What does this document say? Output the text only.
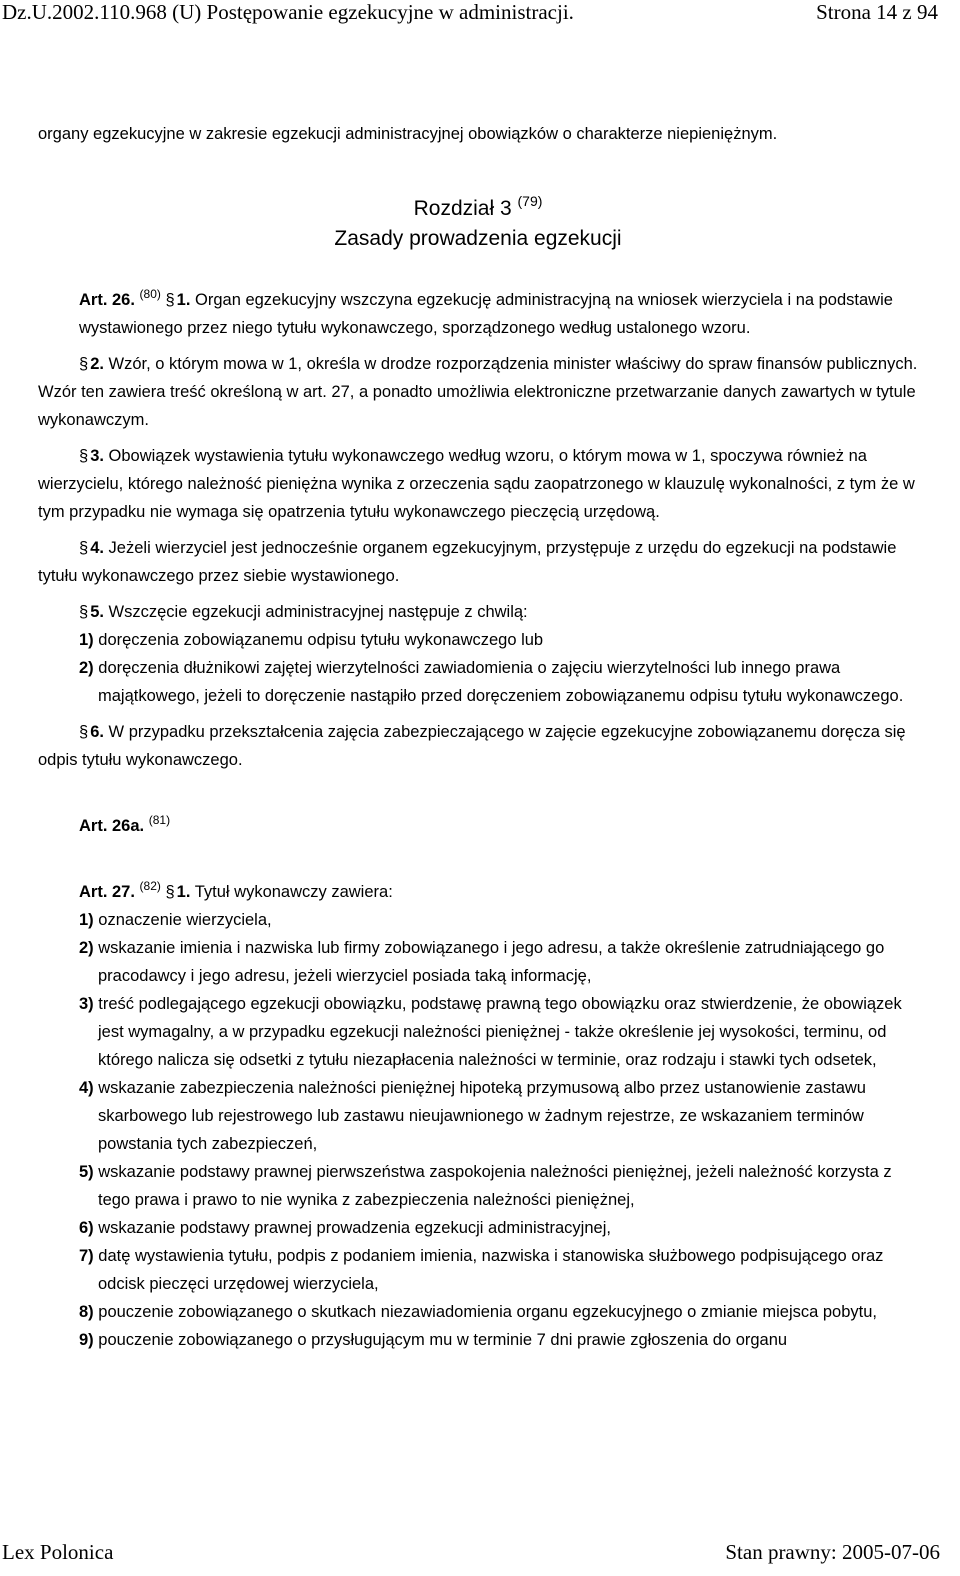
Dz.U.2002.110.968 (U) Postępowanie egzekucyjne w administracji.	Strona 14 z 94

organy egzekucyjne w zakresie egzekucji administracyjnej obowiązków o charakterze niepieniężnym.

Rozdział 3 $^{(79)}$
Zasady prowadzenia egzekucji

Art. 26. $^{(80)}$ § 1. Organ egzekucyjny wszczyna egzekucję administracyjną na wniosek wierzyciela i na podstawie wystawionego przez niego tytułu wykonawczego, sporządzonego według ustalonego wzoru.

§ 2. Wzór, o którym mowa w 1, określa w drodze rozporządzenia minister właściwy do spraw finansów publicznych. Wzór ten zawiera treść określoną w art. 27, a ponadto umożliwia elektroniczne przetwarzanie danych zawartych w tytule wykonawczym.

§ 3. Obowiązek wystawienia tytułu wykonawczego według wzoru, o którym mowa w 1, spoczywa również na wierzycielu, którego należność pieniężna wynika z orzeczenia sądu zaopatrzonego w klauzulę wykonalności, z tym że w tym przypadku nie wymaga się opatrzenia tytułu wykonawczego pieczęcią urzędową.

§ 4. Jeżeli wierzyciel jest jednocześnie organem egzekucyjnym, przystępuje z urzędu do egzekucji na podstawie tytułu wykonawczego przez siebie wystawionego.

§ 5. Wszczęcie egzekucji administracyjnej następuje z chwilą:

1) doręczenia zobowiązanemu odpisu tytułu wykonawczego lub

2) doręczenia dłużnikowi zajętej wierzytelności zawiadomienia o zajęciu wierzytelności lub innego prawa majątkowego, jeżeli to doręczenie nastąpiło przed doręczeniem zobowiązanemu odpisu tytułu wykonawczego.

§ 6. W przypadku przekształcenia zajęcia zabezpieczającego w zajęcie egzekucyjne zobowiązanemu doręcza się odpis tytułu wykonawczego.

Art. 26a. $^{(81)}$

Art. 27. $^{(82)}$ § 1. Tytuł wykonawczy zawiera:

1) oznaczenie wierzyciela,

2) wskazanie imienia i nazwiska lub firmy zobowiązanego i jego adresu, a także określenie zatrudniającego go pracodawcy i jego adresu, jeżeli wierzyciel posiada taką informację,

3) treść podlegającego egzekucji obowiązku, podstawę prawną tego obowiązku oraz stwierdzenie, że obowiązek jest wymagalny, a w przypadku egzekucji należności pieniężnej - także określenie jej wysokości, terminu, od którego nalicza się odsetki z tytułu niezapłacenia należności w terminie, oraz rodzaju i stawki tych odsetek,

4) wskazanie zabezpieczenia należności pieniężnej hipoteką przymusową albo przez ustanowienie zastawu skarbowego lub rejestrowego lub zastawu nieujawnionego w żadnym rejestrze, ze wskazaniem terminów powstania tych zabezpieczeń,

5) wskazanie podstawy prawnej pierwszeństwa zaspokojenia należności pieniężnej, jeżeli należność korzysta z tego prawa i prawo to nie wynika z zabezpieczenia należności pieniężnej,

6) wskazanie podstawy prawnej prowadzenia egzekucji administracyjnej,

7) datę wystawienia tytułu, podpis z podaniem imienia, nazwiska i stanowiska służbowego podpisującego oraz odcisk pieczęci urzędowej wierzyciela,

8) pouczenie zobowiązanego o skutkach niezawiadomienia organu egzekucyjnego o zmianie miejsca pobytu,

9) pouczenie zobowiązanego o przysługującym mu w terminie 7 dni prawie zgłoszenia do organu

Lex Polonica	Stan prawny: 2005-07-06
